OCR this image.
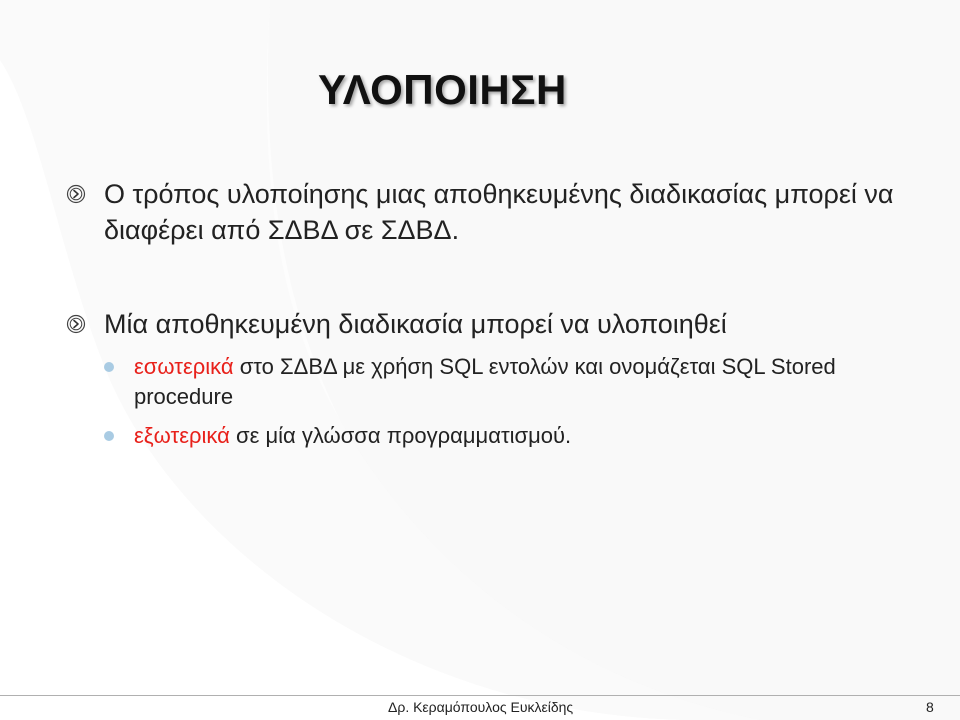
ΥΛΟΠΟΙΗΣΗ
Ο τρόπος υλοποίησης μιας αποθηκευμένης διαδικασίας μπορεί να διαφέρει από ΣΔΒΔ σε ΣΔΒΔ.
Μία αποθηκευμένη διαδικασία μπορεί να υλοποιηθεί
εσωτερικά στο ΣΔΒΔ με χρήση SQL εντολών και ονομάζεται SQL Stored procedure
εξωτερικά σε μία γλώσσα προγραμματισμού.
Δρ. Κεραμόπουλος Ευκλείδης	8
